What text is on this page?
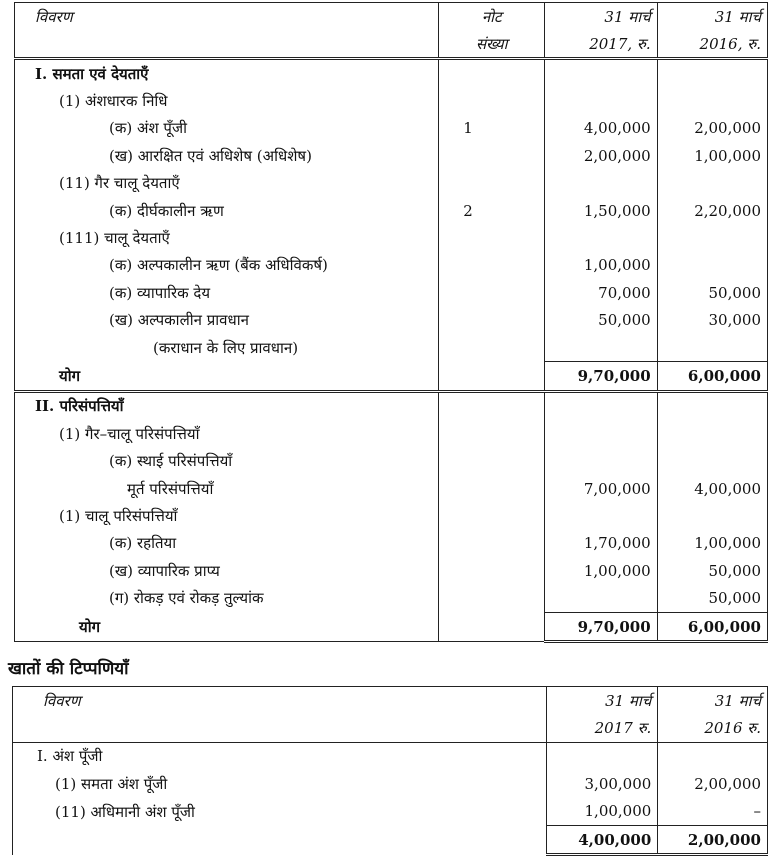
विवरण	नोट	31 मार्च	31 मार्च
	संख्या	2017, रु.	2016, रु.
I. समता एवं देयताएँ			
(1) अंशधारक निधि			
(क) अंश पूँजी	1	4,00,000	2,00,000
(ख) आरक्षित एवं अधिशेष (अधिशेष)		2,00,000	1,00,000
(11) गैर चालू देयताएँ			
(क) दीर्घकालीन ऋण	2	1,50,000	2,20,000
(111) चालू देयताएँ			
(क) अल्पकालीन ऋण (बैंक अधिविकर्ष)		1,00,000	
(क) व्यापारिक देय		70,000	50,000
(ख) अल्पकालीन प्रावधान		50,000	30,000
(कराधान के लिए प्रावधान)			
योग		9,70,000	6,00,000
II. परिसंपत्तियाँ			
(1) गैर–चालू परिसंपत्तियाँ			
(क) स्थाई परिसंपत्तियाँ			
मूर्त परिसंपत्तियाँ		7,00,000	4,00,000
(1) चालू परिसंपत्तियाँ			
(क) रहतिया		1,70,000	1,00,000
(ख) व्यापारिक प्राप्य		1,00,000	50,000
(ग) रोकड़ एवं रोकड़ तुल्यांक			50,000
योग		9,70,000	6,00,000
खातों की टिप्पणियाँ
विवरण	31 मार्च	31 मार्च
	2017 रु.	2016 रु.
I. अंश पूँजी		
(1) समता अंश पूँजी	3,00,000	2,00,000
(11) अधिमानी अंश पूँजी	1,00,000	–
	4,00,000	2,00,000
